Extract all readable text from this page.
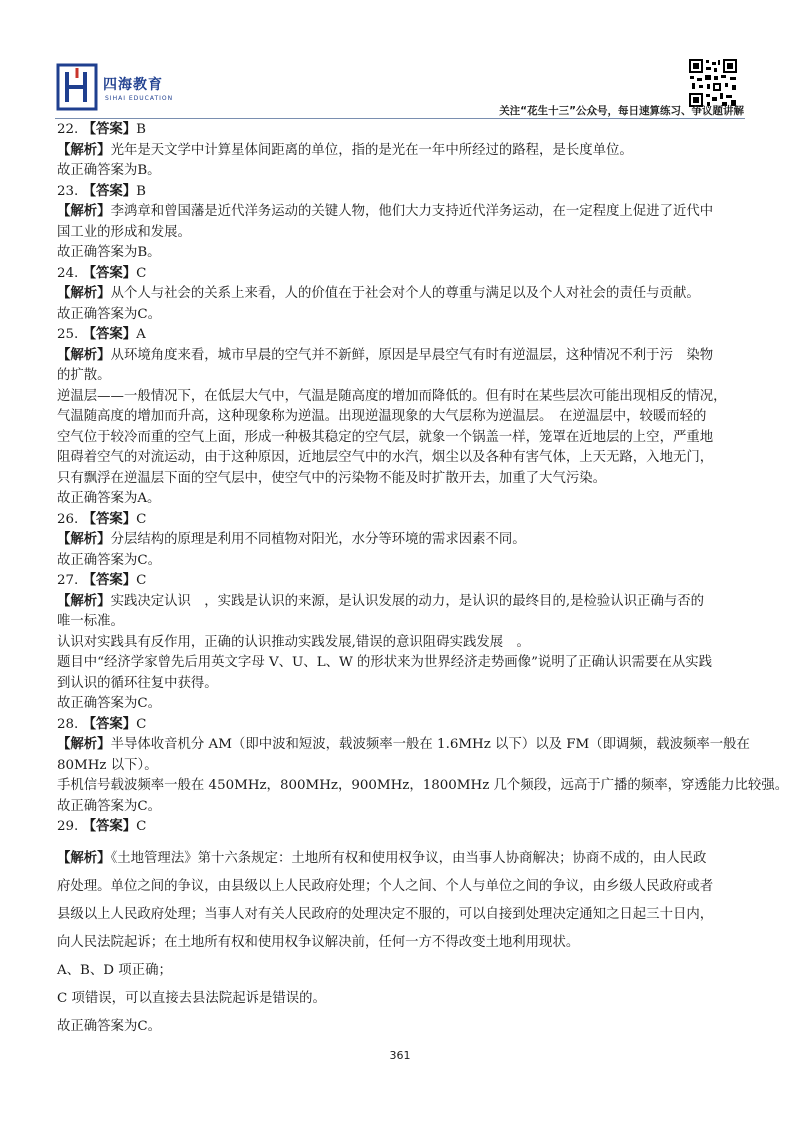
四海教育
SIHAI EDUCATION
关注“花生十三”公众号，每日速算练习、争议题讲解
22. 【答案】B
【解析】光年是天文学中计算星体间距离的单位，指的是光在一年中所经过的路程，是长度单位。
故正确答案为B。
23. 【答案】B
【解析】李鸿章和曾国藩是近代洋务运动的关键人物，他们大力支持近代洋务运动，在一定程度上促进了近代中
国工业的形成和发展。
故正确答案为B。
24. 【答案】C
【解析】从个人与社会的关系上来看，人的价值在于社会对个人的尊重与满足以及个人对社会的责任与贡献。
故正确答案为C。
25. 【答案】A
【解析】从环境角度来看，城市早晨的空气并不新鲜，原因是早晨空气有时有逆温层，这种情况不利于污　染物
的扩散。
逆温层——一般情况下，在低层大气中，气温是随高度的增加而降低的。但有时在某些层次可能出现相反的情况，
气温随高度的增加而升高，这种现象称为逆温。出现逆温现象的大气层称为逆温层。　在逆温层中，较暖而轻的
空气位于较冷而重的空气上面，形成一种极其稳定的空气层，就象一个锅盖一样，笼罩在近地层的上空，严重地
阻碍着空气的对流运动，由于这种原因，近地层空气中的水汽，烟尘以及各种有害气体，上天无路，入地无门，
只有飘浮在逆温层下面的空气层中，使空气中的污染物不能及时扩散开去，加重了大气污染。
故正确答案为A。
26. 【答案】C
【解析】分层结构的原理是利用不同植物对阳光，水分等环境的需求因素不同。
故正确答案为C。
27. 【答案】C
【解析】实践决定认识　，实践是认识的来源，是认识发展的动力，是认识的最终目的,是检验认识正确与否的
唯一标准。
认识对实践具有反作用，正确的认识推动实践发展,错误的意识阻碍实践发展　。
题目中“经济学家曾先后用英文字母 V、U、L、W 的形状来为世界经济走势画像”说明了正确认识需要在从实践
到认识的循环往复中获得。
故正确答案为C。
28. 【答案】C
【解析】半导体收音机分 AM（即中波和短波，载波频率一般在 1.6MHz 以下）以及 FM（即调频，载波频率一般在
80MHz 以下）。
手机信号载波频率一般在 450MHz，800MHz，900MHz，1800MHz 几个频段，远高于广播的频率，穿透能力比较强。
故正确答案为C。
29. 【答案】C
【解析】《土地管理法》第十六条规定：土地所有权和使用权争议，由当事人协商解决；协商不成的，由人民政
府处理。单位之间的争议，由县级以上人民政府处理；个人之间、个人与单位之间的争议，由乡级人民政府或者
县级以上人民政府处理；当事人对有关人民政府的处理决定不服的，可以自接到处理决定通知之日起三十日内，
向人民法院起诉；在土地所有权和使用权争议解决前，任何一方不得改变土地利用现状。
A、B、D 项正确；
C 项错误，可以直接去县法院起诉是错误的。
故正确答案为C。
361
